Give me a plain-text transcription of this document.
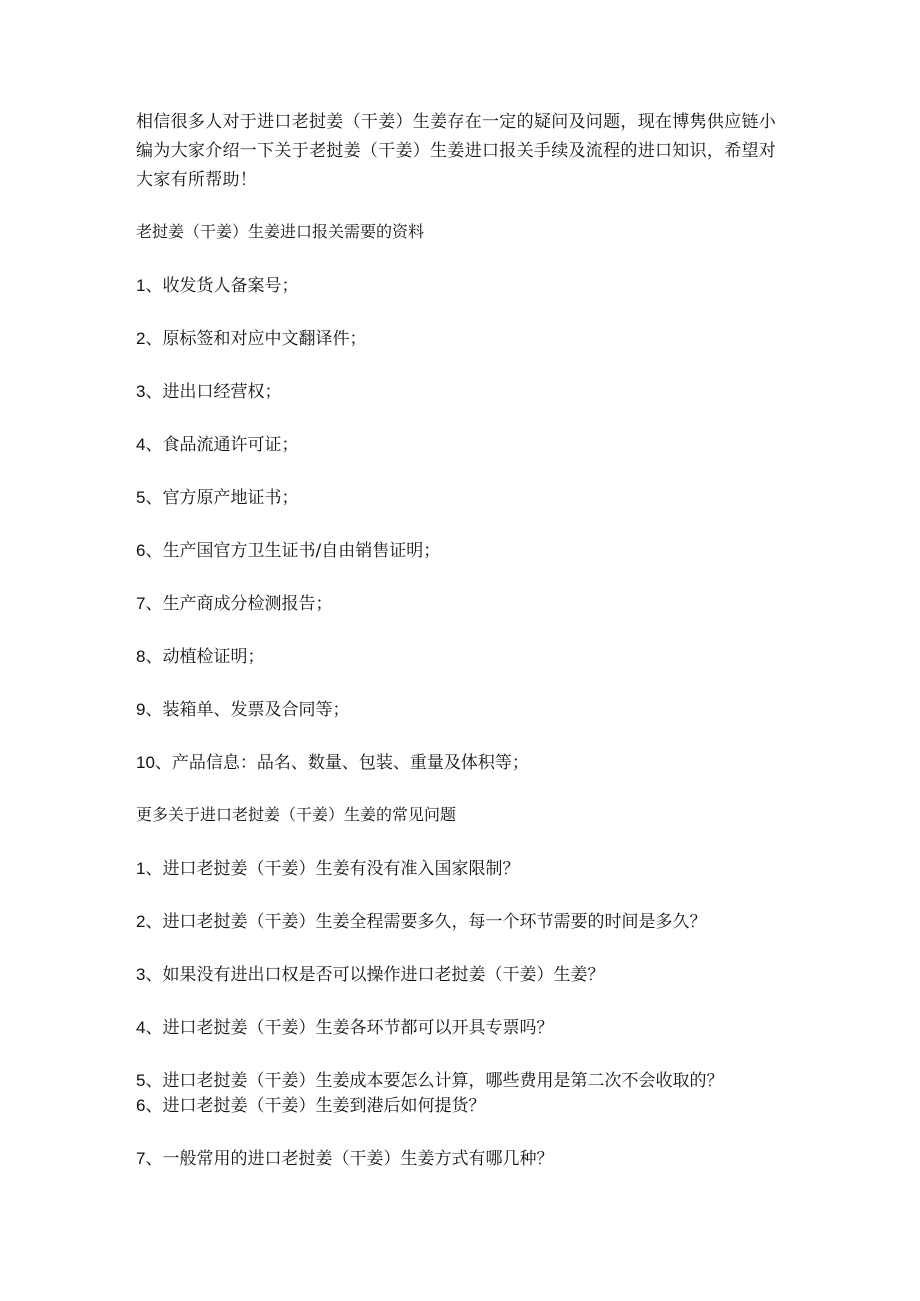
相信很多人对于进口老挝姜（干姜）生姜存在一定的疑问及问题，现在博隽供应链小编为大家介绍一下关于老挝姜（干姜）生姜进口报关手续及流程的进口知识，希望对大家有所帮助！

老挝姜（干姜）生姜进口报关需要的资料

1、收发货人备案号；

2、原标签和对应中文翻译件；

3、进出口经营权；

4、食品流通许可证；

5、官方原产地证书；

6、生产国官方卫生证书/自由销售证明；

7、生产商成分检测报告；

8、动植检证明；

9、装箱单、发票及合同等；

10、产品信息：品名、数量、包装、重量及体积等；

更多关于进口老挝姜（干姜）生姜的常见问题

1、进口老挝姜（干姜）生姜有没有准入国家限制？

2、进口老挝姜（干姜）生姜全程需要多久，每一个环节需要的时间是多久？

3、如果没有进出口权是否可以操作进口老挝姜（干姜）生姜？

4、进口老挝姜（干姜）生姜各环节都可以开具专票吗？

5、进口老挝姜（干姜）生姜成本要怎么计算，哪些费用是第二次不会收取的？

6、进口老挝姜（干姜）生姜到港后如何提货？

7、一般常用的进口老挝姜（干姜）生姜方式有哪几种？
